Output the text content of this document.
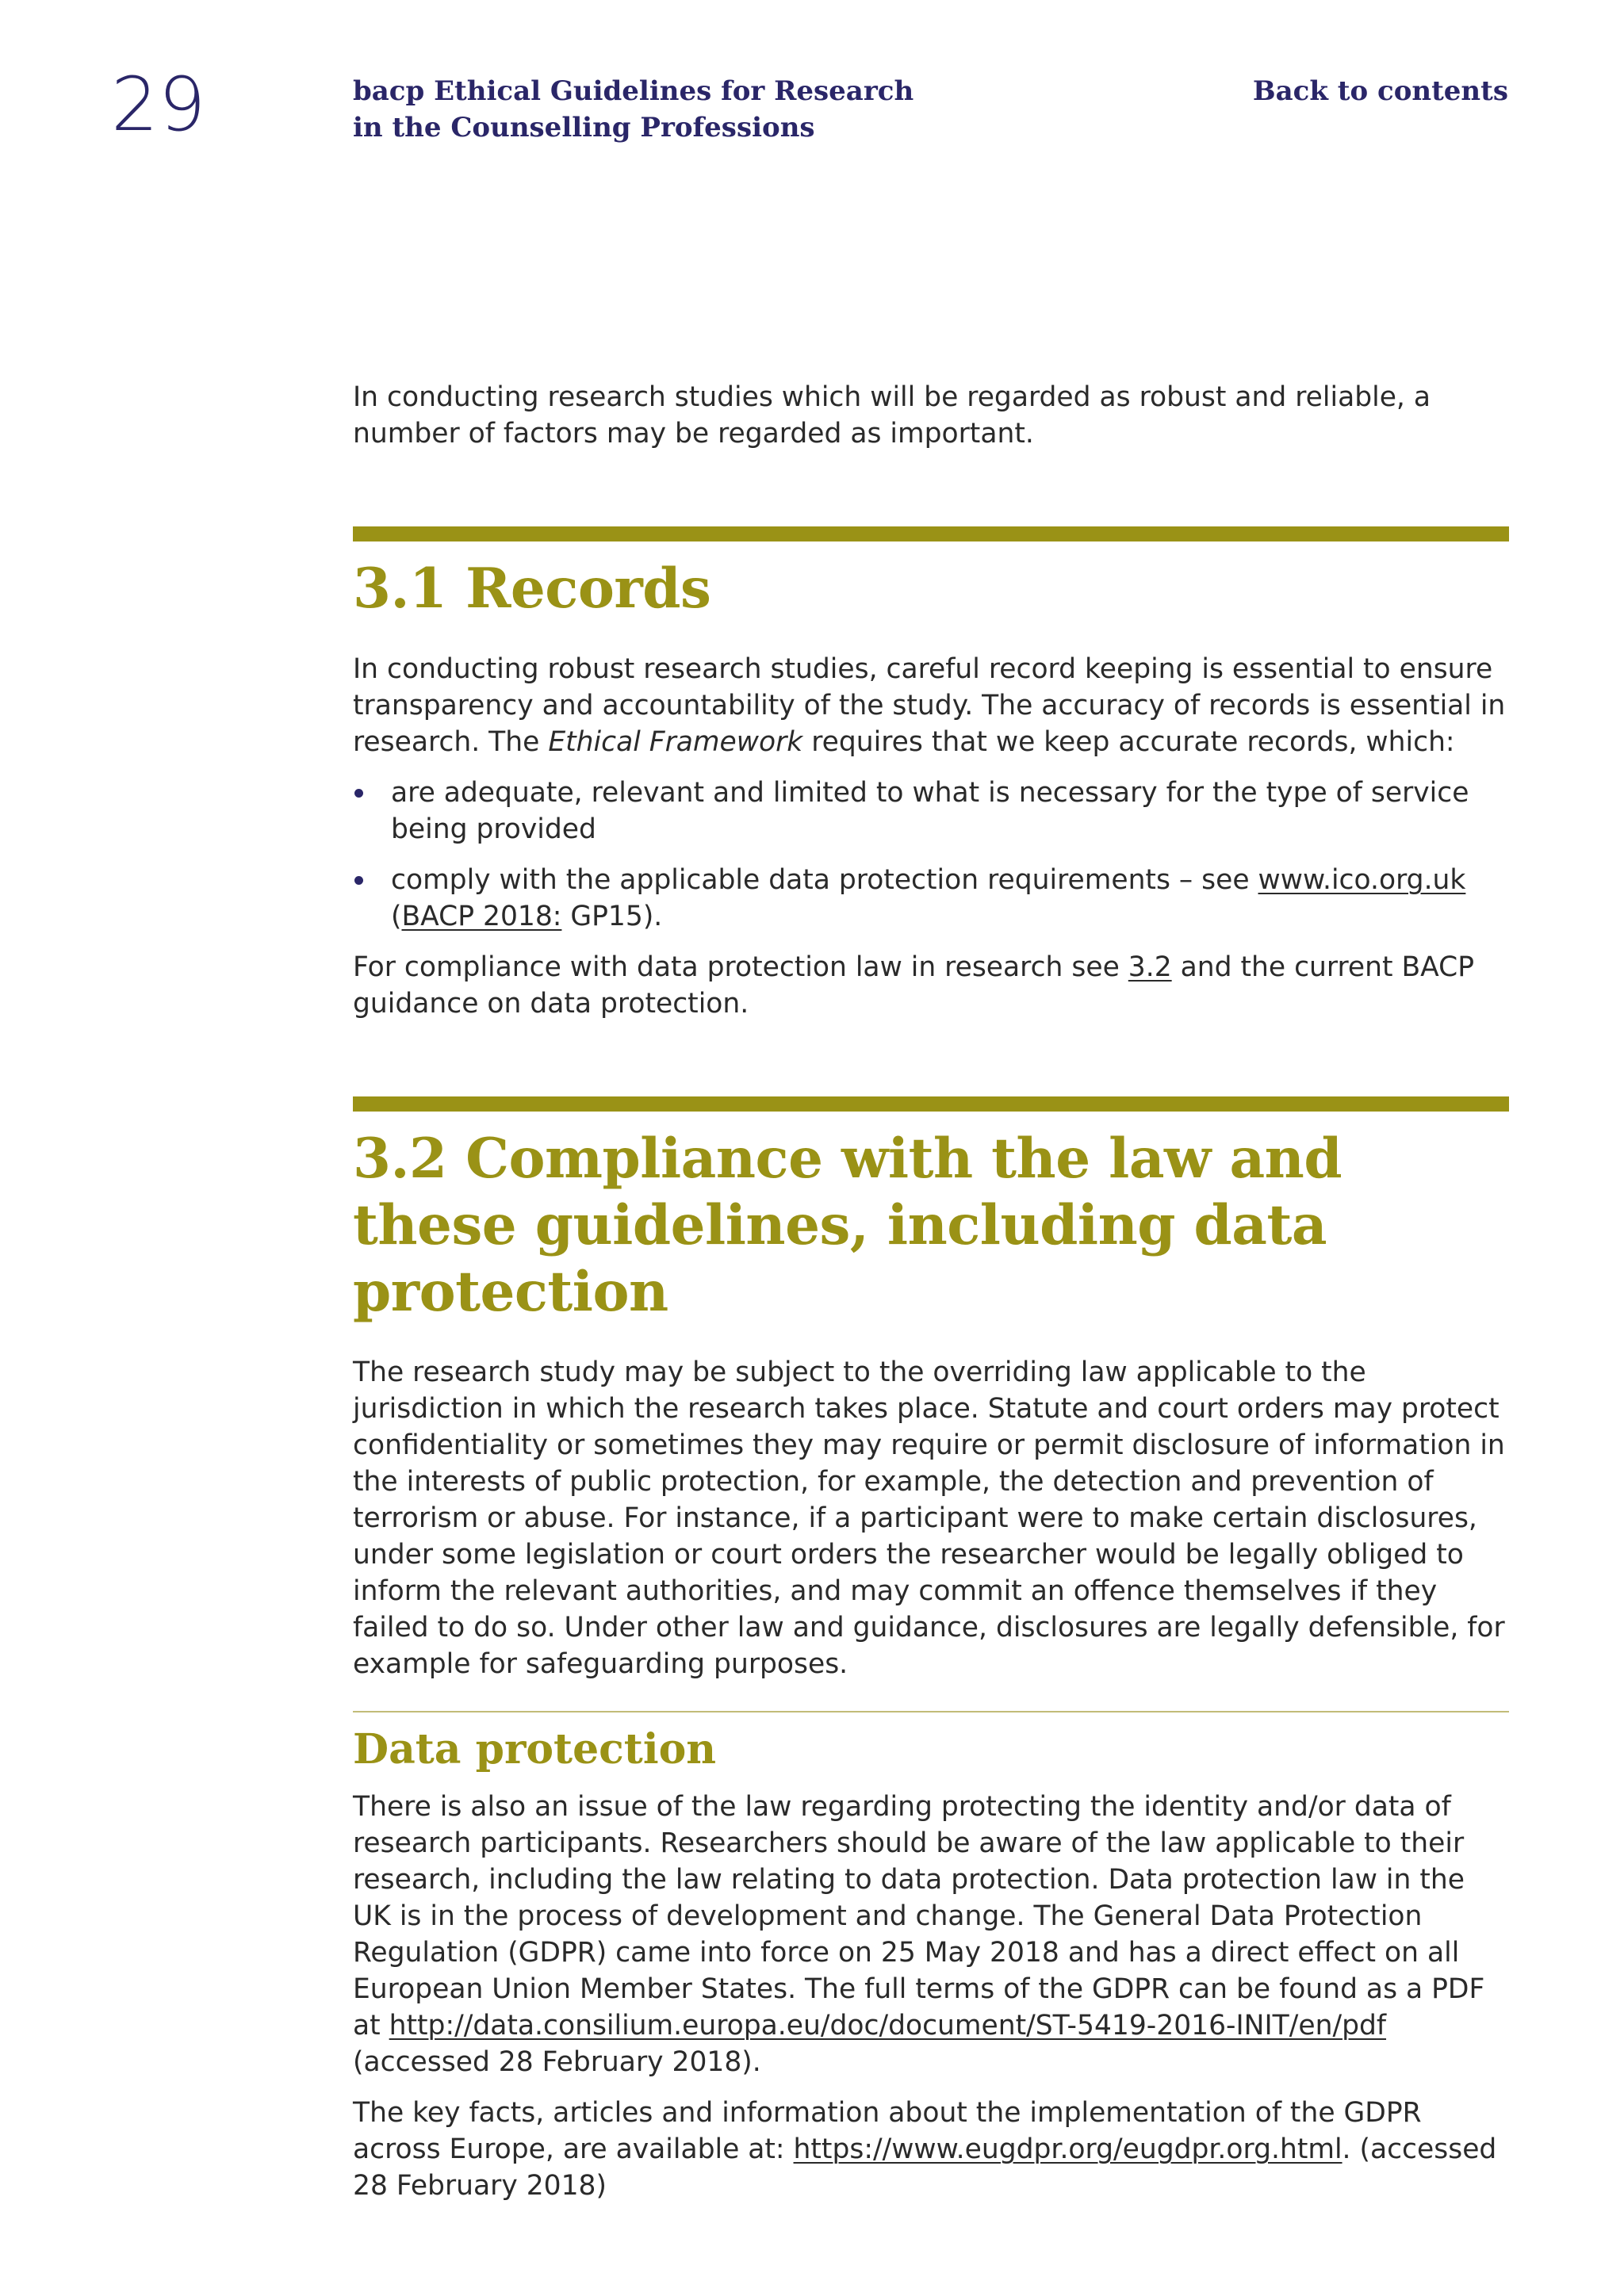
29	bacp Ethical Guidelines for Research
in the Counselling Professions
Back to contents

In conducting research studies which will be regarded as robust and reliable, a number of factors may be regarded as important.

3.1 Records

In conducting robust research studies, careful record keeping is essential to ensure transparency and accountability of the study. The accuracy of records is essential in research. The Ethical Framework requires that we keep accurate records, which:

are adequate, relevant and limited to what is necessary for the type of service being provided
comply with the applicable data protection requirements – see www.ico.org.uk (BACP 2018: GP15).

For compliance with data protection law in research see 3.2 and the current BACP guidance on data protection.

3.2 Compliance with the law and these guidelines, including data protection

The research study may be subject to the overriding law applicable to the jurisdiction in which the research takes place. Statute and court orders may protect confidentiality or sometimes they may require or permit disclosure of information in the interests of public protection, for example, the detection and prevention of terrorism or abuse. For instance, if a participant were to make certain disclosures, under some legislation or court orders the researcher would be legally obliged to inform the relevant authorities, and may commit an offence themselves if they failed to do so. Under other law and guidance, disclosures are legally defensible, for example for safeguarding purposes.

Data protection

There is also an issue of the law regarding protecting the identity and/or data of research participants. Researchers should be aware of the law applicable to their research, including the law relating to data protection. Data protection law in the UK is in the process of development and change. The General Data Protection Regulation (GDPR) came into force on 25 May 2018 and has a direct effect on all European Union Member States. The full terms of the GDPR can be found as a PDF at http://data.consilium.europa.eu/doc/document/ST-5419-2016-INIT/en/pdf (accessed 28 February 2018).

The key facts, articles and information about the implementation of the GDPR across Europe, are available at: https://www.eugdpr.org/eugdpr.org.html. (accessed 28 February 2018)
